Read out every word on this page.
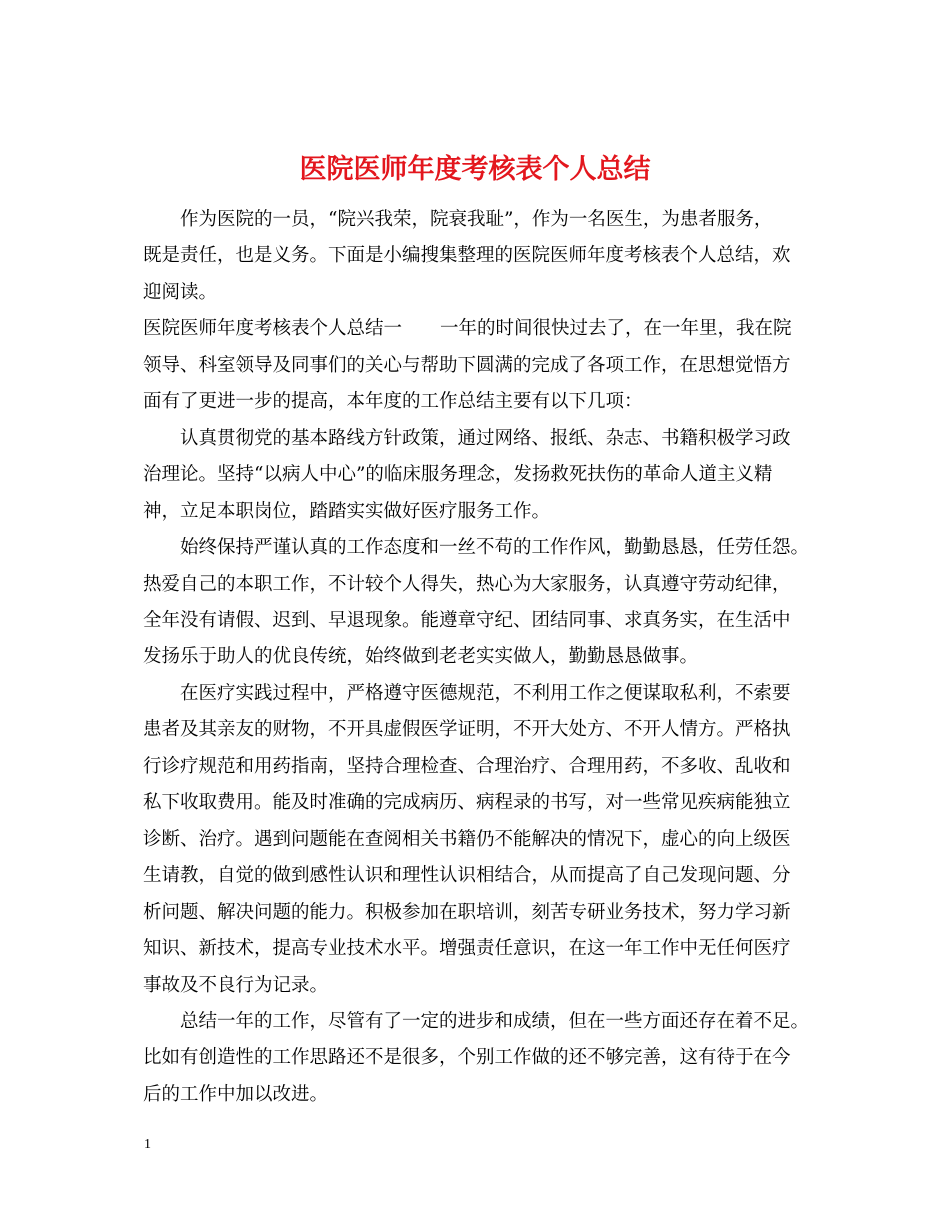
医院医师年度考核表个人总结
作为医院的一员，“院兴我荣，院衰我耻”，作为一名医生，为患者服务，
既是责任，也是义务。下面是小编搜集整理的医院医师年度考核表个人总结，欢
迎阅读。
医院医师年度考核表个人总结一 一年的时间很快过去了，在一年里，我在院
领导、科室领导及同事们的关心与帮助下圆满的完成了各项工作，在思想觉悟方
面有了更进一步的提高，本年度的工作总结主要有以下几项：
认真贯彻党的基本路线方针政策，通过网络、报纸、杂志、书籍积极学习政
治理论。坚持“以病人中心”的临床服务理念，发扬救死扶伤的革命人道主义精
神，立足本职岗位，踏踏实实做好医疗服务工作。
始终保持严谨认真的工作态度和一丝不苟的工作作风，勤勤恳恳，任劳任怨。
热爱自己的本职工作，不计较个人得失，热心为大家服务，认真遵守劳动纪律，
全年没有请假、迟到、早退现象。能遵章守纪、团结同事、求真务实，在生活中
发扬乐于助人的优良传统，始终做到老老实实做人，勤勤恳恳做事。
在医疗实践过程中，严格遵守医德规范，不利用工作之便谋取私利，不索要
患者及其亲友的财物，不开具虚假医学证明，不开大处方、不开人情方。严格执
行诊疗规范和用药指南，坚持合理检查、合理治疗、合理用药，不多收、乱收和
私下收取费用。能及时准确的完成病历、病程录的书写，对一些常见疾病能独立
诊断、治疗。遇到问题能在查阅相关书籍仍不能解决的情况下，虚心的向上级医
生请教，自觉的做到感性认识和理性认识相结合，从而提高了自己发现问题、分
析问题、解决问题的能力。积极参加在职培训，刻苦专研业务技术，努力学习新
知识、新技术，提高专业技术水平。增强责任意识，在这一年工作中无任何医疗
事故及不良行为记录。
总结一年的工作，尽管有了一定的进步和成绩，但在一些方面还存在着不足。
比如有创造性的工作思路还不是很多，个别工作做的还不够完善，这有待于在今
后的工作中加以改进。
1
